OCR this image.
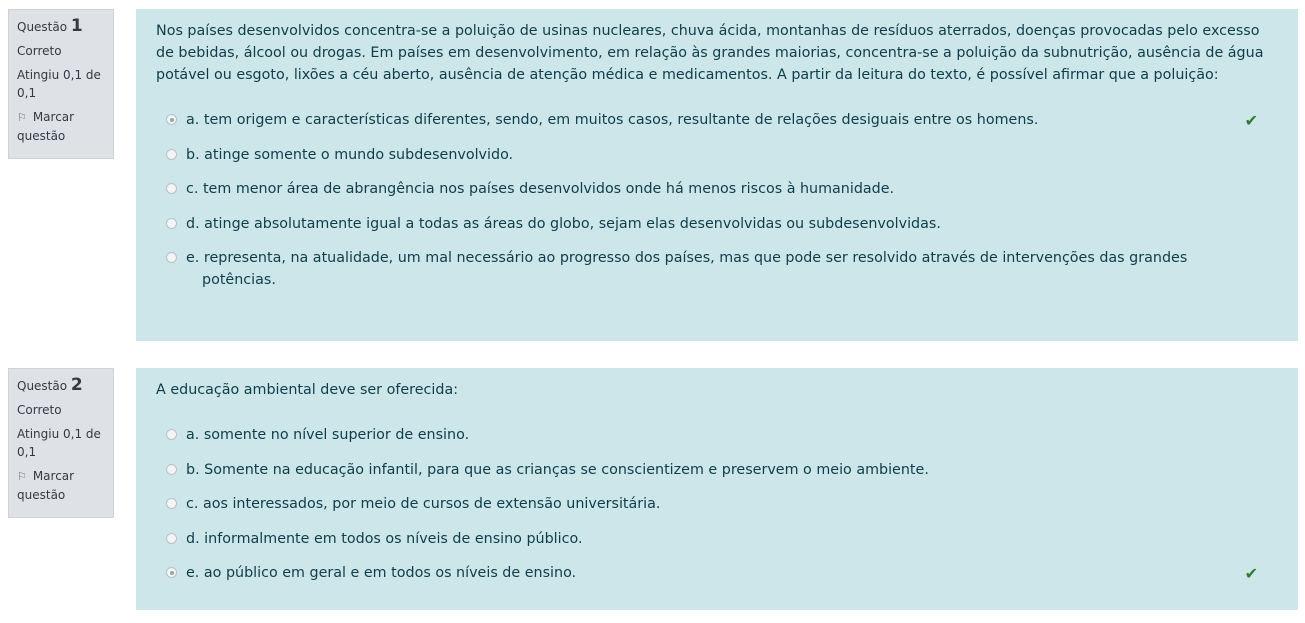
Questão 1
Correto
Atingiu 0,1 de 0,1
⚐ Marcar questão

Nos países desenvolvidos concentra-se a poluição de usinas nucleares, chuva ácida, montanhas de resíduos aterrados, doenças provocadas pelo excesso de bebidas, álcool ou drogas. Em países em desenvolvimento, em relação às grandes maiorias, concentra-se a poluição da subnutrição, ausência de água potável ou esgoto, lixões a céu aberto, ausência de atenção médica e medicamentos. A partir da leitura do texto, é possível afirmar que a poluição:

a. tem origem e características diferentes, sendo, em muitos casos, resultante de relações desiguais entre os homens.	✔
b. atinge somente o mundo subdesenvolvido.
c. tem menor área de abrangência nos países desenvolvidos onde há menos riscos à humanidade.
d. atinge absolutamente igual a todas as áreas do globo, sejam elas desenvolvidas ou subdesenvolvidas.
e. representa, na atualidade, um mal necessário ao progresso dos países, mas que pode ser resolvido através de intervenções das grandes
potências.
Questão 2
Correto
Atingiu 0,1 de 0,1
⚐ Marcar questão

A educação ambiental deve ser oferecida:

a. somente no nível superior de ensino.
b. Somente na educação infantil, para que as crianças se conscientizem e preservem o meio ambiente.
c. aos interessados, por meio de cursos de extensão universitária.
d. informalmente em todos os níveis de ensino público.
e. ao público em geral e em todos os níveis de ensino.	✔
